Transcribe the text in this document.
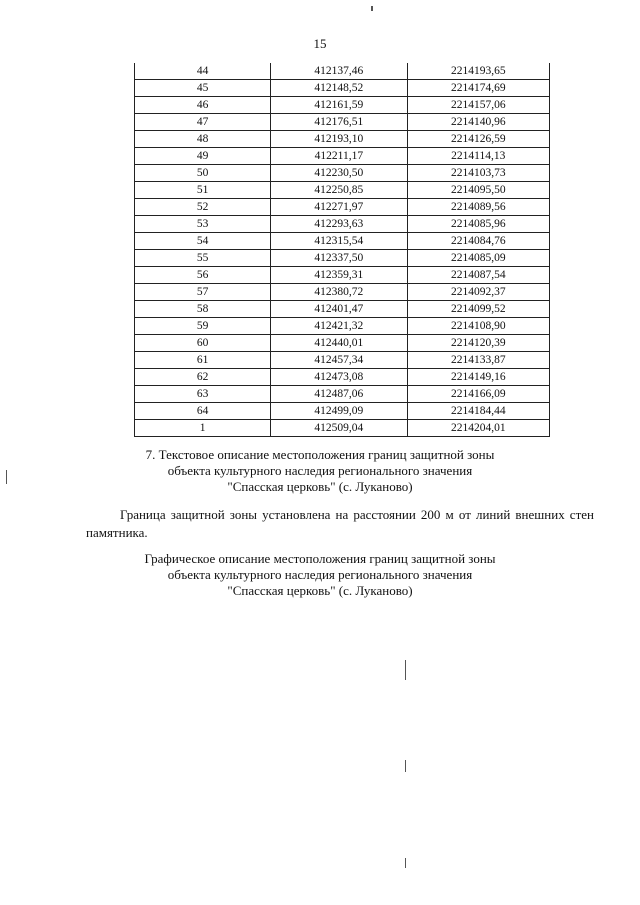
15
44	412137,46	2214193,65
45	412148,52	2214174,69
46	412161,59	2214157,06
47	412176,51	2214140,96
48	412193,10	2214126,59
49	412211,17	2214114,13
50	412230,50	2214103,73
51	412250,85	2214095,50
52	412271,97	2214089,56
53	412293,63	2214085,96
54	412315,54	2214084,76
55	412337,50	2214085,09
56	412359,31	2214087,54
57	412380,72	2214092,37
58	412401,47	2214099,52
59	412421,32	2214108,90
60	412440,01	2214120,39
61	412457,34	2214133,87
62	412473,08	2214149,16
63	412487,06	2214166,09
64	412499,09	2214184,44
1	412509,04	2214204,01
7. Текстовое описание местоположения границ защитной зоны
объекта культурного наследия регионального значения
"Спасская церковь" (с. Луканово)
Граница защитной зоны установлена на расстоянии 200 м от линий внешних стен памятника.
Графическое описание местоположения границ защитной зоны
объекта культурного наследия регионального значения
"Спасская церковь" (с. Луканово)
